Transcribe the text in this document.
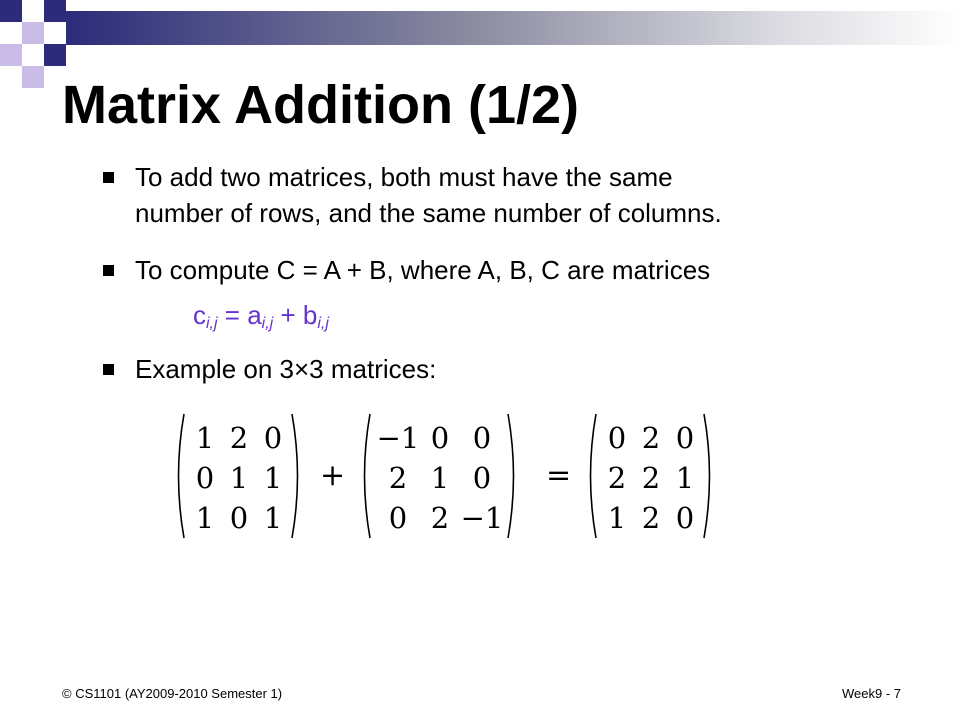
Matrix Addition (1/2)
To add two matrices, both must have the same
number of rows, and the same number of columns.
To compute C = A + B, where A, B, C are matrices
$c_{i,j} = a_{i,j} + b_{i,j}$
Example on 3×3 matrices:
1 2 0
0 1 1
1 0 1
+
−1 0 0
2 1 0
0 2 −1
=
0 2 0
2 2 1
1 2 0
© CS1101 (AY2009-2010 Semester 1)	Week9 - 7
